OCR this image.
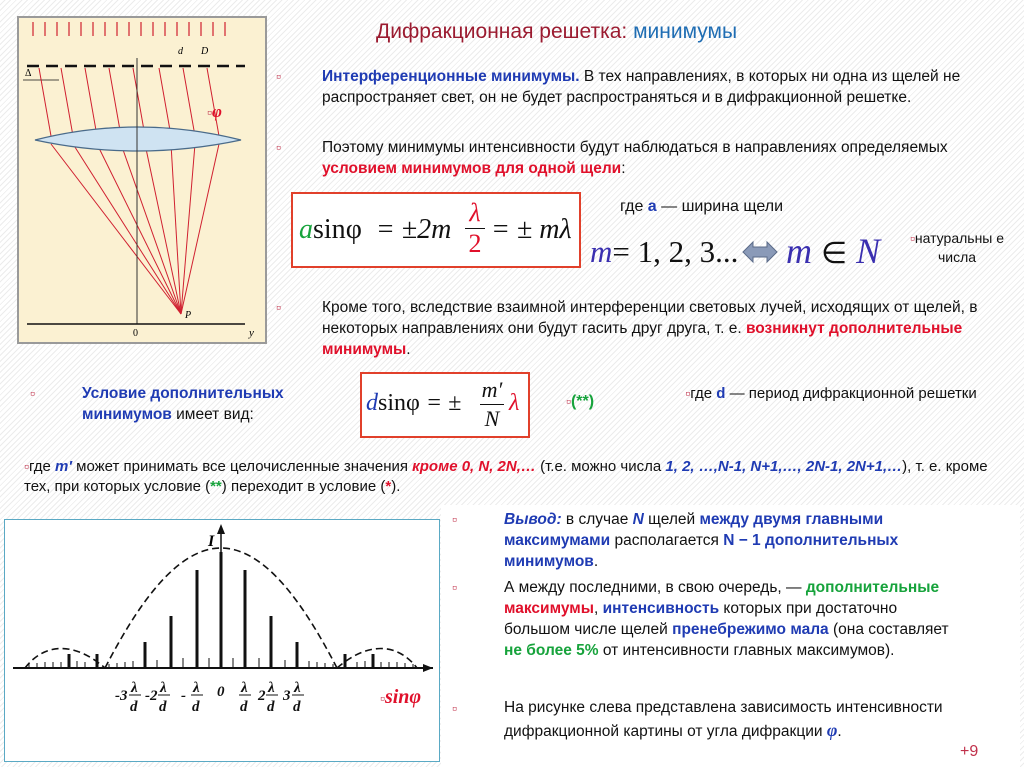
Дифракционная решетка: минимумы
d D
Δ
0
P
y
▫φ
▫	Интерференционные минимумы. В тех направлениях, в которых ни одна из щелей не распространяет свет, он не будет распространяться и в дифракционной решетке.
▫	Поэтому минимумы интенсивности будут наблюдаться в направлениях определяемых условием минимумов для одной щели:
asinφ = ±2m
λ
2 = ± mλ
где a — ширина щели
m= 1, 2, 3... m ∈ N	▫натуральны е числа
▫	Кроме того, вследствие взаимной интерференции световых лучей, исходящих от щелей, в некоторых направлениях они будут гасить друг друга, т. е. возникнут дополнительные минимумы.
▫	Условие дополнительных минимумов имеет вид:	dsinφ = ±
m′
N
λ	▫(**)	▫где d — период дифракционной решетки
▫где m′ может принимать все целочисленные значения кроме 0, N, 2N,… (т.е. можно числа 1, 2, …,N-1, N+1,…, 2N-1, 2N+1,…), т. е. кроме тех, при которых условие (**) переходит в условие (*).
I
-3 λ
d
-2 λ
d
- λ
d
0 λ
d
2 λ
d
3 λ
d
▫sinφ
▫	Вывод: в случае N щелей между двумя главными максимумами располагается N − 1 дополнительных минимумов.
▫	А между последними, в свою очередь, — дополнительные максимумы, интенсивность которых при достаточно большом числе щелей пренебрежимо мала (она составляет не более 5% от интенсивности главных максимумов).
▫	На рисунке слева представлена зависимость интенсивности дифракционной картины от угла дифракции φ.
+9
